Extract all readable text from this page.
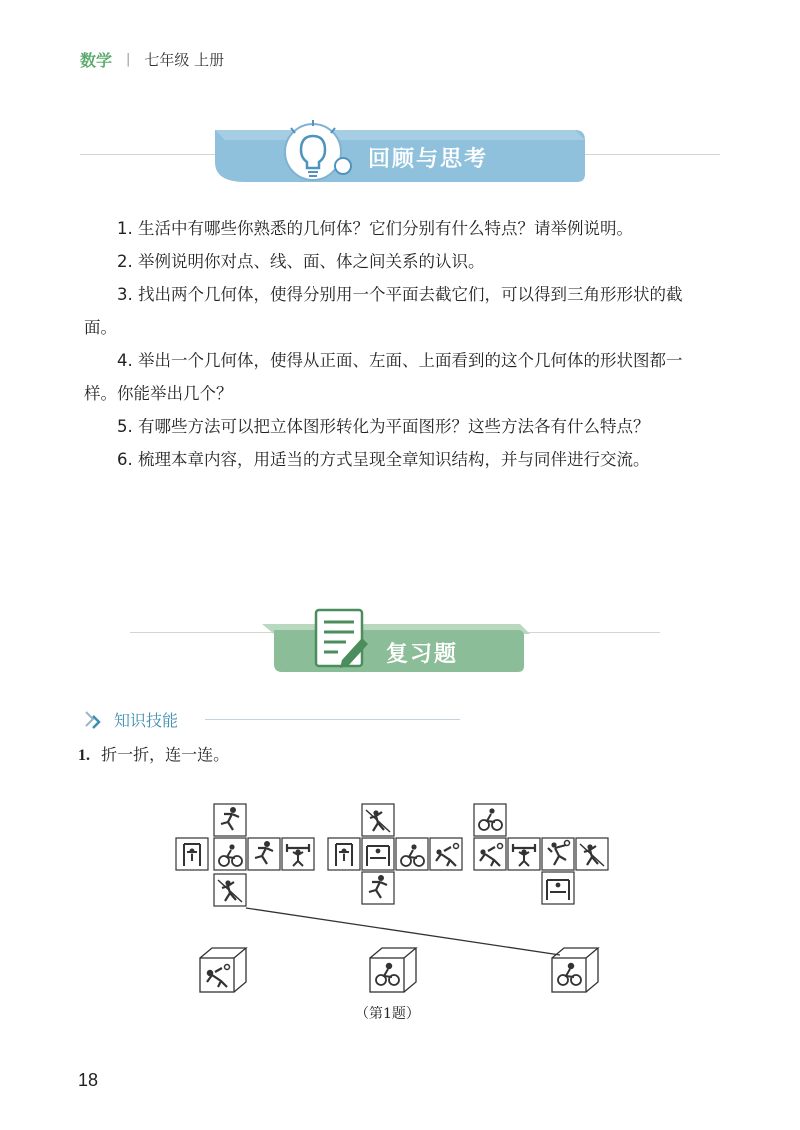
数学 | 七年级 上册
回顾与思考
1. 生活中有哪些你熟悉的几何体？它们分别有什么特点？请举例说明。
2. 举例说明你对点、线、面、体之间关系的认识。
3. 找出两个几何体，使得分别用一个平面去截它们，可以得到三角形形状的截面。
4. 举出一个几何体，使得从正面、左面、上面看到的这个几何体的形状图都一样。你能举出几个？
5. 有哪些方法可以把立体图形转化为平面图形？这些方法各有什么特点？
6. 梳理本章内容，用适当的方式呈现全章知识结构，并与同伴进行交流。
复习题
知识技能
1. 折一折，连一连。
（第1题）
18
